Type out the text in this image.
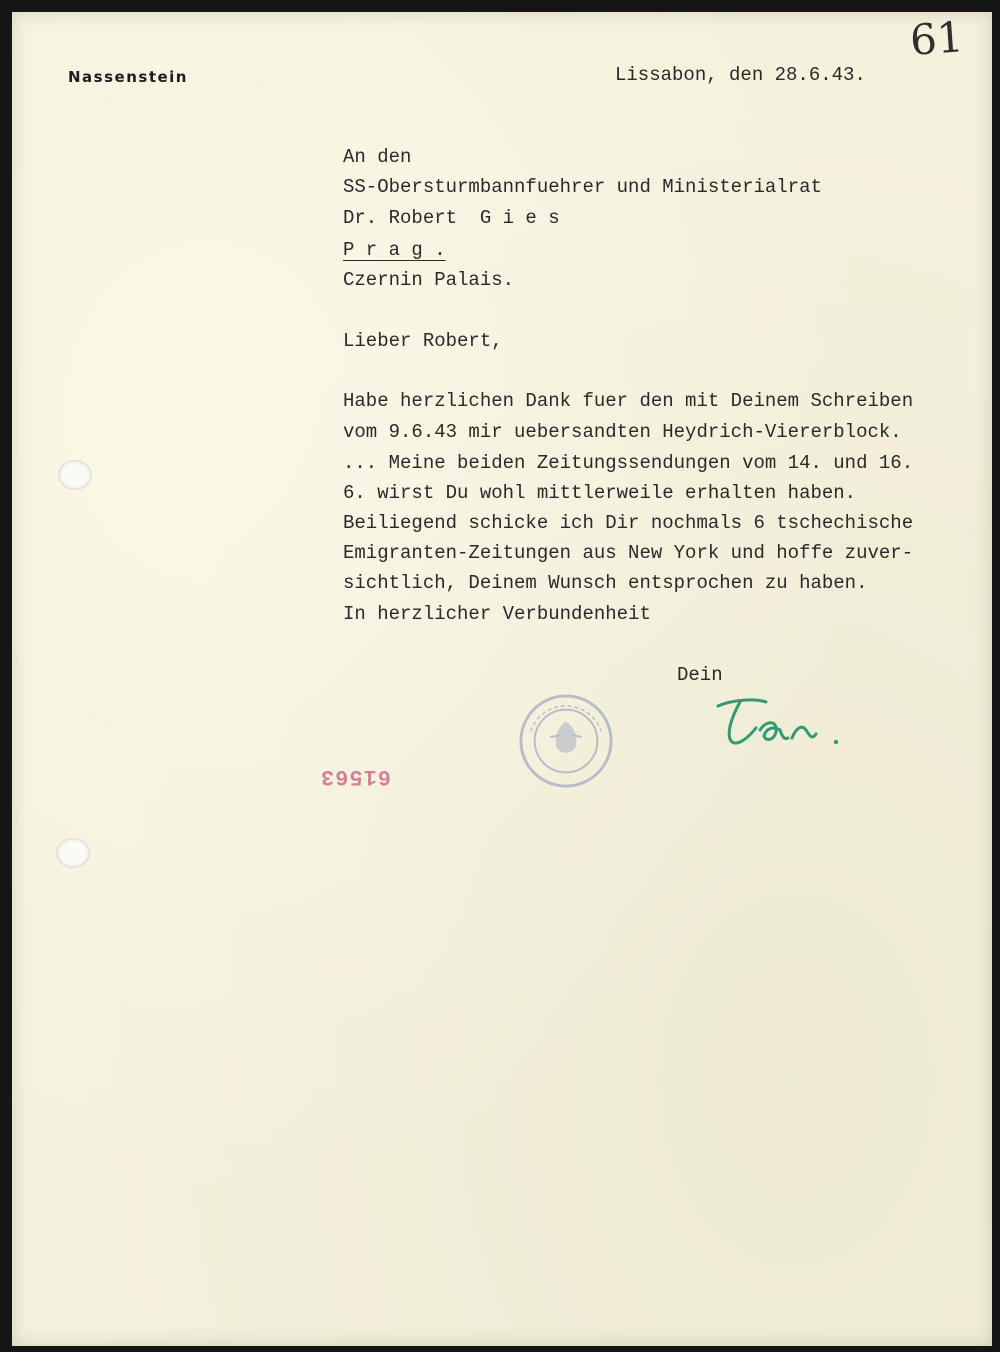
Nassenstein	Lissabon, den 28.6.43.
61
An den
SS-Obersturmbannfuehrer und Ministerialrat
Dr. Robert  G i e s
P r a g .
Czernin Palais.
Lieber Robert,
Habe herzlichen Dank fuer den mit Deinem Schreiben
vom 9.6.43 mir uebersandten Heydrich-Viererblock.
... Meine beiden Zeitungssendungen vom 14. und 16.
6. wirst Du wohl mittlerweile erhalten haben.
Beiliegend schicke ich Dir nochmals 6 tschechische
Emigranten-Zeitungen aus New York und hoffe zuver-
sichtlich, Deinem Wunsch entsprochen zu haben.
In herzlicher Verbundenheit
Dein
61563
